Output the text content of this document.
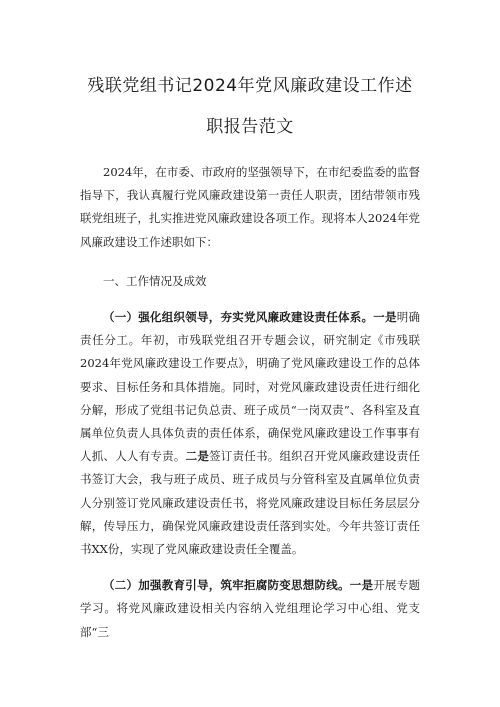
残联党组书记2024年党风廉政建设工作述
职报告范文

2024年，在市委、市政府的坚强领导下，在市纪委监委的监督指导下，我认真履行党风廉政建设第一责任人职责，团结带领市残联党组班子，扎实推进党风廉政建设各项工作。现将本人2024年党风廉政建设工作述职如下：

一、工作情况及成效

（一）强化组织领导，夯实党风廉政建设责任体系。一是明确责任分工。年初，市残联党组召开专题会议，研究制定《市残联2024年党风廉政建设工作要点》，明确了党风廉政建设工作的总体要求、目标任务和具体措施。同时，对党风廉政建设责任进行细化分解，形成了党组书记负总责、班子成员“一岗双责”、各科室及直属单位负责人具体负责的责任体系，确保党风廉政建设工作事事有人抓、人人有专责。二是签订责任书。组织召开党风廉政建设责任书签订大会，我与班子成员、班子成员与分管科室及直属单位负责人分别签订党风廉政建设责任书，将党风廉政建设目标任务层层分解，传导压力，确保党风廉政建设责任落到实处。今年共签订责任书XX份，实现了党风廉政建设责任全覆盖。

（二）加强教育引导，筑牢拒腐防变思想防线。一是开展专题学习。将党风廉政建设相关内容纳入党组理论学习中心组、党支部“三
